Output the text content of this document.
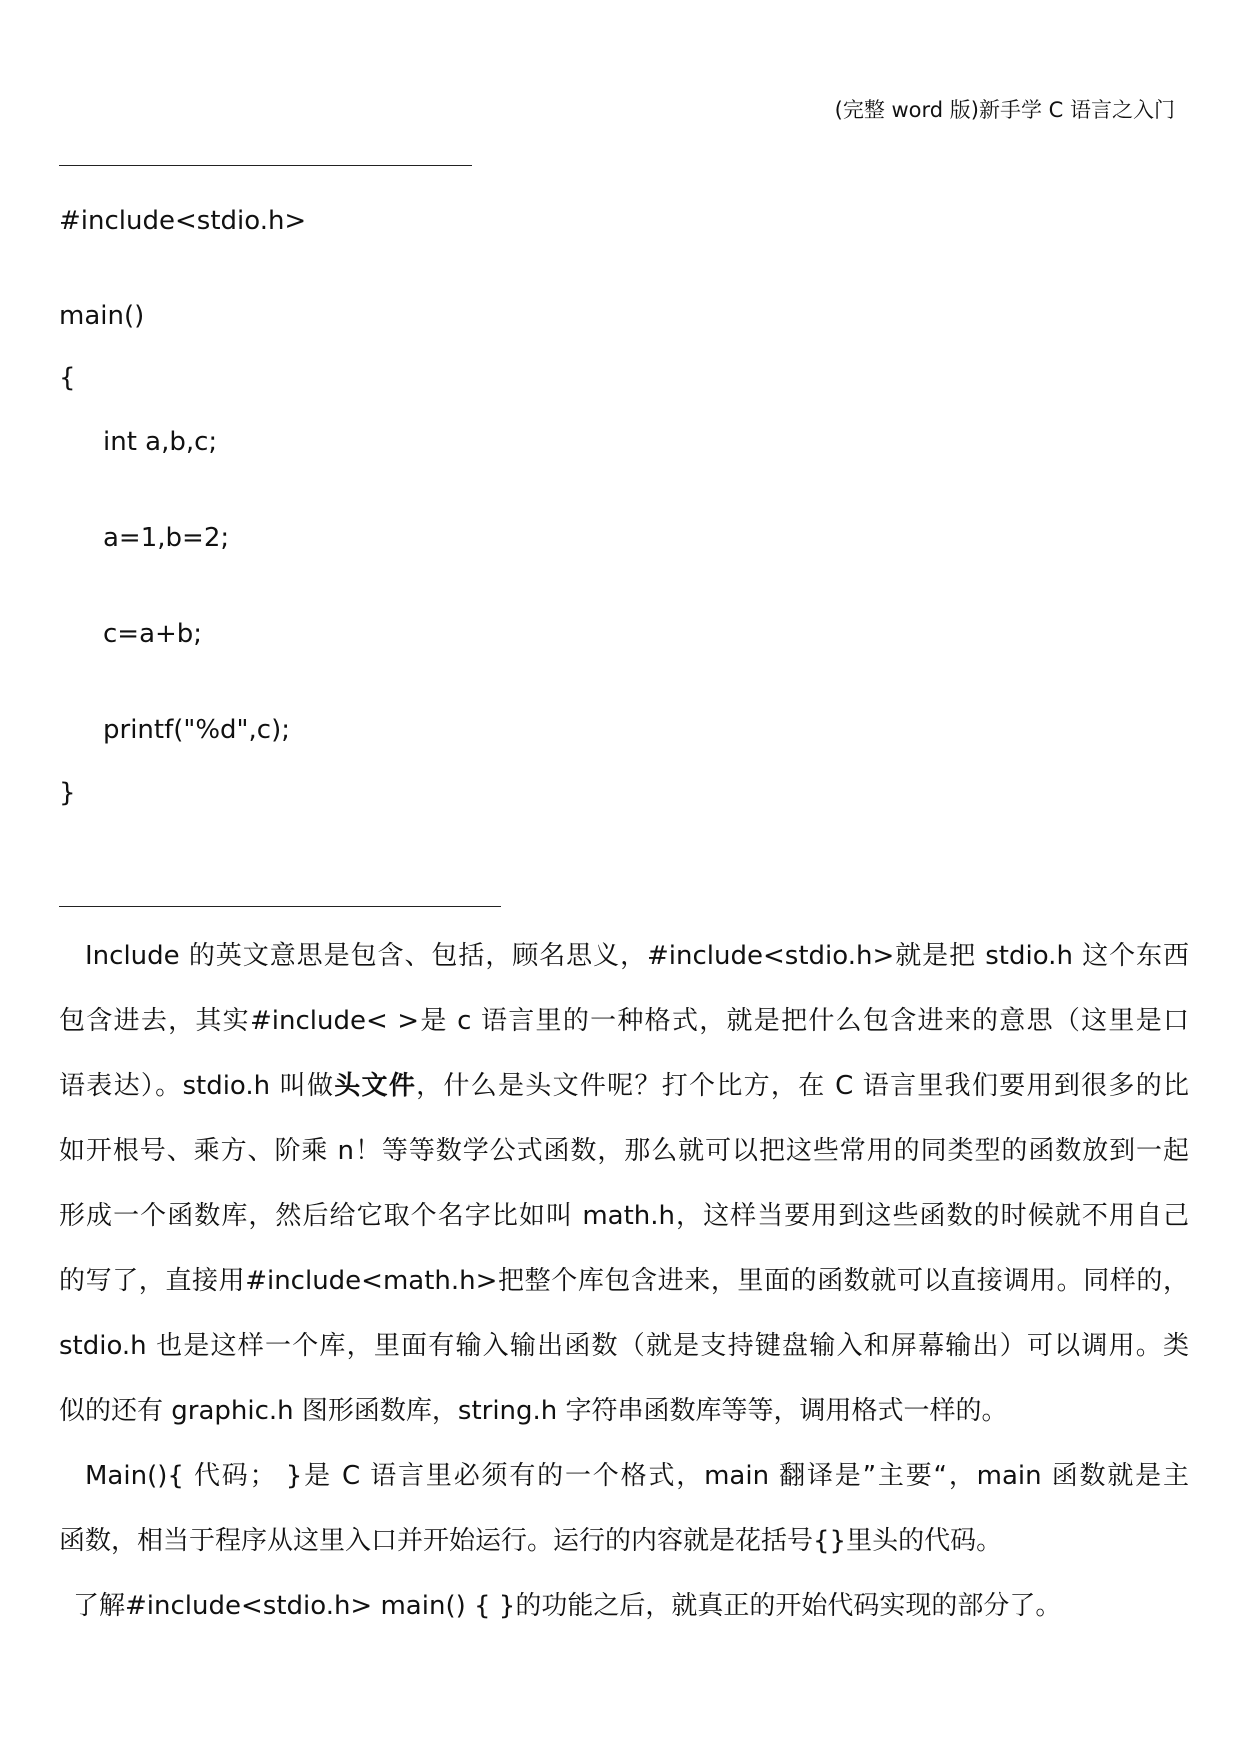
(完整 word 版)新手学 C 语言之入门
#include<stdio.h>
main()
{
int a,b,c;
a=1,b=2;
c=a+b;
printf("%d",c);
}
Include 的英文意思是包含、包括，顾名思义，#include<stdio.h>就是把 stdio.h 这个东西
包含进去，其实#include< >是 c 语言里的一种格式，就是把什么包含进来的意思（这里是口
语表达）。stdio.h 叫做头文件，什么是头文件呢？打个比方，在 C 语言里我们要用到很多的比
如开根号、乘方、阶乘 n！等等数学公式函数，那么就可以把这些常用的同类型的函数放到一起
形成一个函数库，然后给它取个名字比如叫 math.h，这样当要用到这些函数的时候就不用自己
的写了，直接用#include<math.h>把整个库包含进来，里面的函数就可以直接调用。同样的，
stdio.h 也是这样一个库，里面有输入输出函数（就是支持键盘输入和屏幕输出）可以调用。类
似的还有 graphic.h 图形函数库，string.h 字符串函数库等等，调用格式一样的。
Main(){ 代码； }是 C 语言里必须有的一个格式，main 翻译是”主要“，main 函数就是主
函数，相当于程序从这里入口并开始运行。运行的内容就是花括号{}里头的代码。
了解#include<stdio.h> main() { }的功能之后，就真正的开始代码实现的部分了。
